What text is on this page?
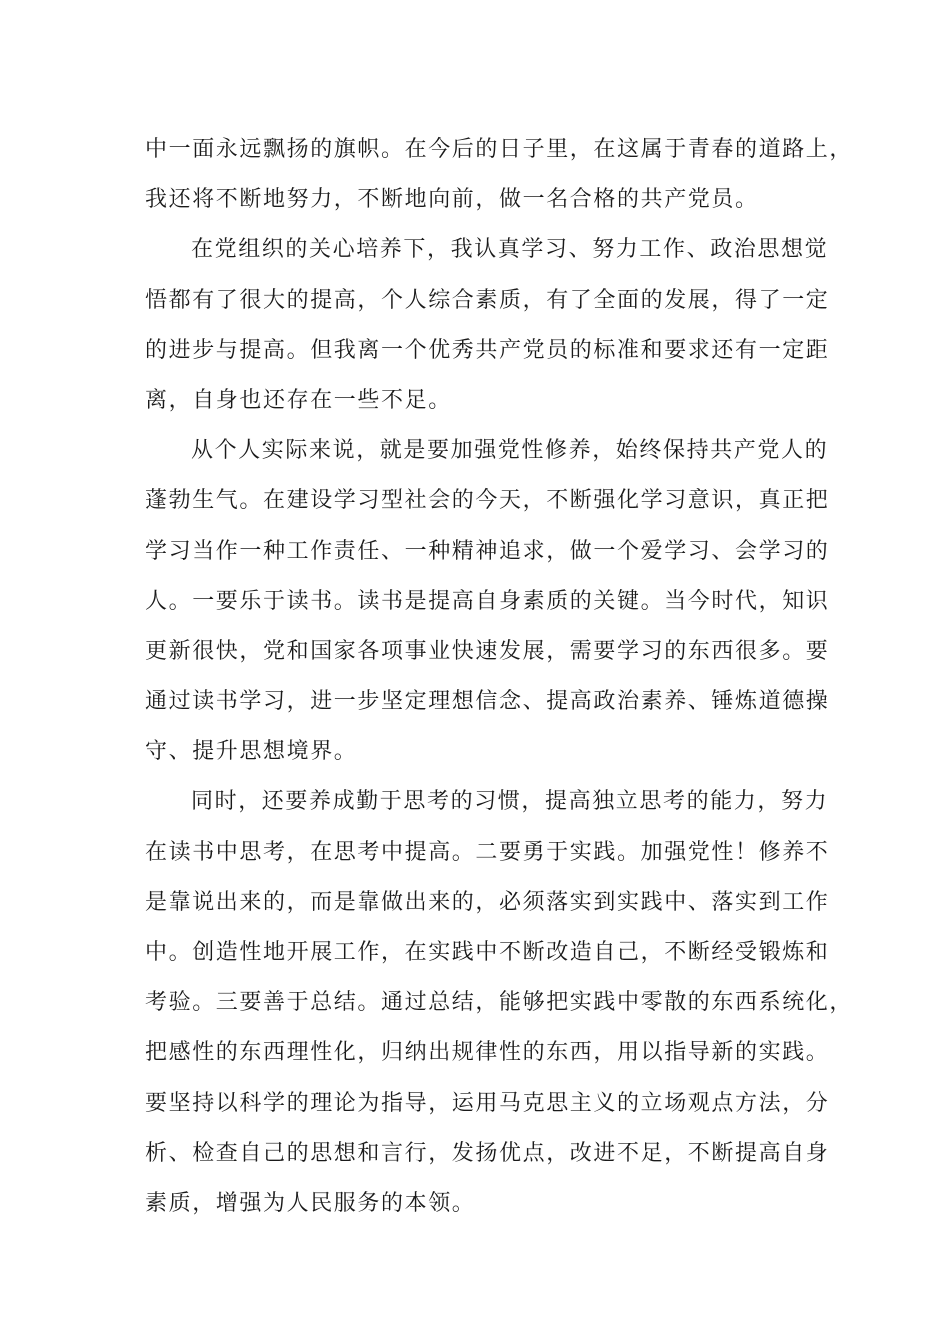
中一面永远飘扬的旗帜。在今后的日子里，在这属于青春的道路上，
我还将不断地努力，不断地向前，做一名合格的共产党员。
在党组织的关心培养下，我认真学习、努力工作、政治思想觉
悟都有了很大的提高，个人综合素质，有了全面的发展，得了一定
的进步与提高。但我离一个优秀共产党员的标准和要求还有一定距
离，自身也还存在一些不足。
从个人实际来说，就是要加强党性修养，始终保持共产党人的
蓬勃生气。在建设学习型社会的今天，不断强化学习意识，真正把
学习当作一种工作责任、一种精神追求，做一个爱学习、会学习的
人。一要乐于读书。读书是提高自身素质的关键。当今时代，知识
更新很快，党和国家各项事业快速发展，需要学习的东西很多。要
通过读书学习，进一步坚定理想信念、提高政治素养、锤炼道德操
守、提升思想境界。
同时，还要养成勤于思考的习惯，提高独立思考的能力，努力
在读书中思考，在思考中提高。二要勇于实践。加强党性！修养不
是靠说出来的，而是靠做出来的，必须落实到实践中、落实到工作
中。创造性地开展工作，在实践中不断改造自己，不断经受锻炼和
考验。三要善于总结。通过总结，能够把实践中零散的东西系统化，
把感性的东西理性化，归纳出规律性的东西，用以指导新的实践。
要坚持以科学的理论为指导，运用马克思主义的立场观点方法，分
析、检查自己的思想和言行，发扬优点，改进不足，不断提高自身
素质，增强为人民服务的本领。
